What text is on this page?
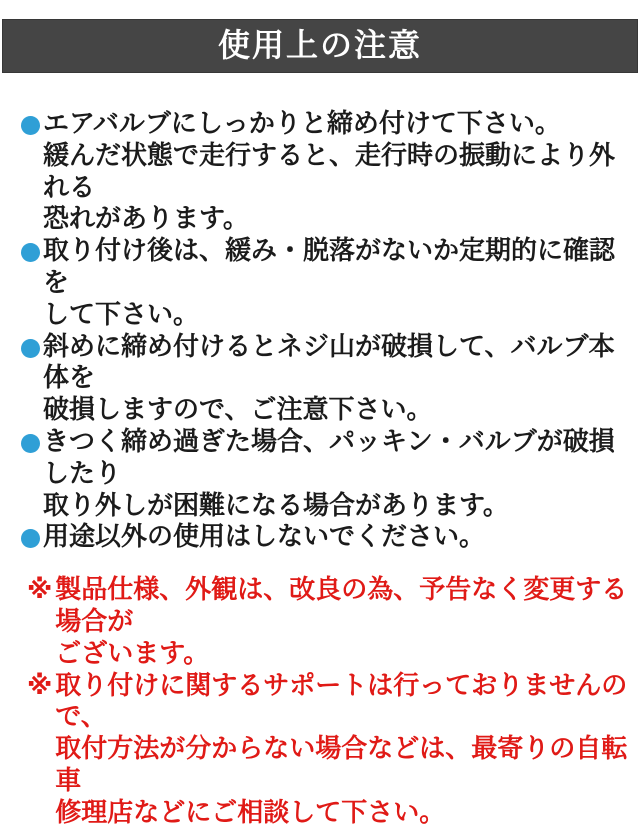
使用上の注意
エアバルブにしっかりと締め付けて下さい。
緩んだ状態で走行すると、走行時の振動により外れる
恐れがあります。
取り付け後は、緩み・脱落がないか定期的に確認を
して下さい。
斜めに締め付けるとネジ山が破損して、バルブ本体を
破損しますので、ご注意下さい。
きつく締め過ぎた場合、パッキン・バルブが破損したり
取り外しが困難になる場合があります。
用途以外の使用はしないでください。
※ 製品仕様、外観は、改良の為、予告なく変更する場合が
ございます。
※ 取り付けに関するサポートは行っておりませんので、
取付方法が分からない場合などは、最寄りの自転車
修理店などにご相談して下さい。
